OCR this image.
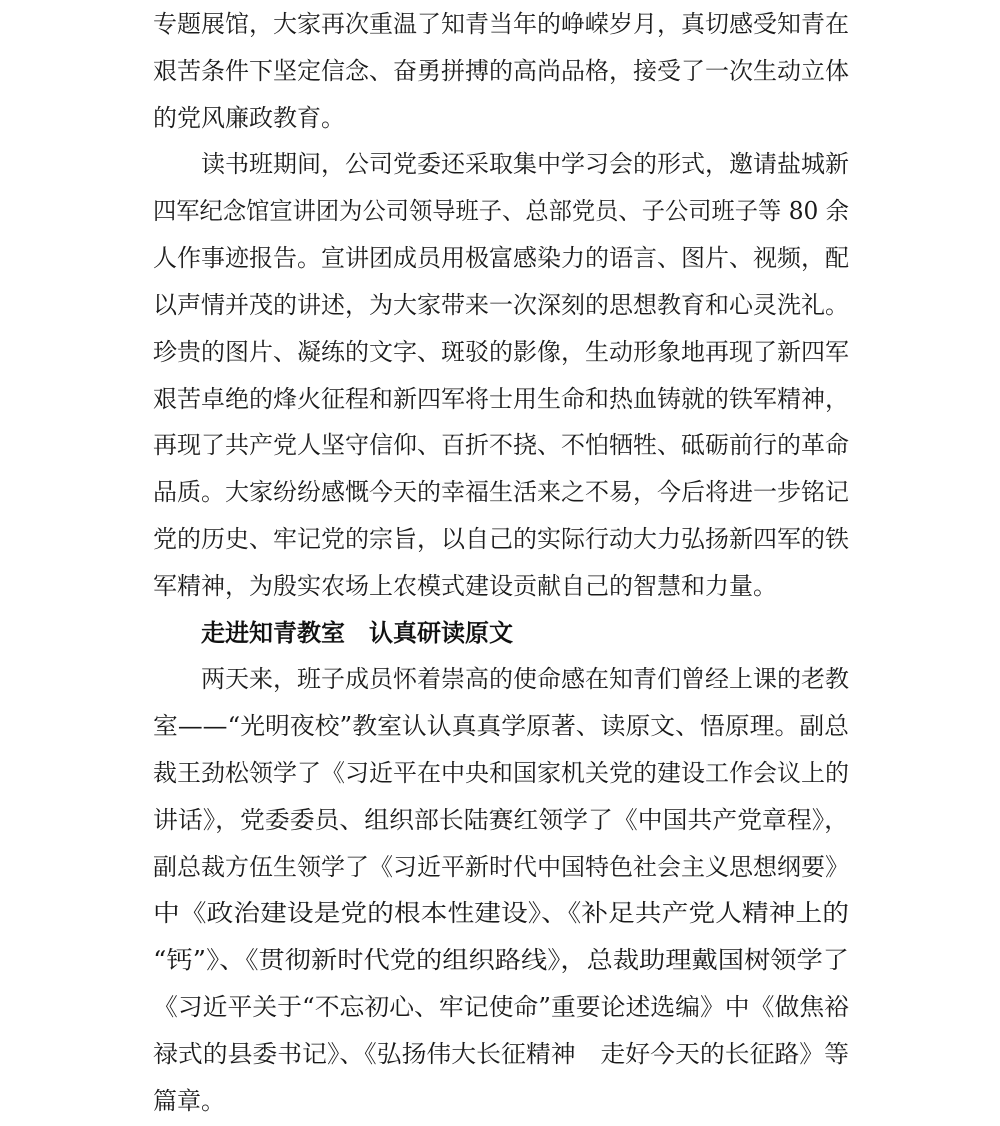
专题展馆，大家再次重温了知青当年的峥嵘岁月，真切感受知青在
艰苦条件下坚定信念、奋勇拼搏的高尚品格，接受了一次生动立体
的党风廉政教育。
读书班期间，公司党委还采取集中学习会的形式，邀请盐城新
四军纪念馆宣讲团为公司领导班子、总部党员、子公司班子等 80 余
人作事迹报告。宣讲团成员用极富感染力的语言、图片、视频，配
以声情并茂的讲述，为大家带来一次深刻的思想教育和心灵洗礼。
珍贵的图片、凝练的文字、斑驳的影像，生动形象地再现了新四军
艰苦卓绝的烽火征程和新四军将士用生命和热血铸就的铁军精神，
再现了共产党人坚守信仰、百折不挠、不怕牺牲、砥砺前行的革命
品质。大家纷纷感慨今天的幸福生活来之不易，今后将进一步铭记
党的历史、牢记党的宗旨，以自己的实际行动大力弘扬新四军的铁
军精神，为殷实农场上农模式建设贡献自己的智慧和力量。
走进知青教室　认真研读原文
两天来，班子成员怀着崇高的使命感在知青们曾经上课的老教
室——“光明夜校”教室认认真真学原著、读原文、悟原理。副总
裁王劲松领学了《习近平在中央和国家机关党的建设工作会议上的
讲话》，党委委员、组织部长陆赛红领学了《中国共产党章程》，
副总裁方伍生领学了《习近平新时代中国特色社会主义思想纲要》
中《政治建设是党的根本性建设》、《补足共产党人精神上的
“钙”》、《贯彻新时代党的组织路线》，总裁助理戴国树领学了
《习近平关于“不忘初心、牢记使命”重要论述选编》中《做焦裕
禄式的县委书记》、《弘扬伟大长征精神　走好今天的长征路》等
篇章。
